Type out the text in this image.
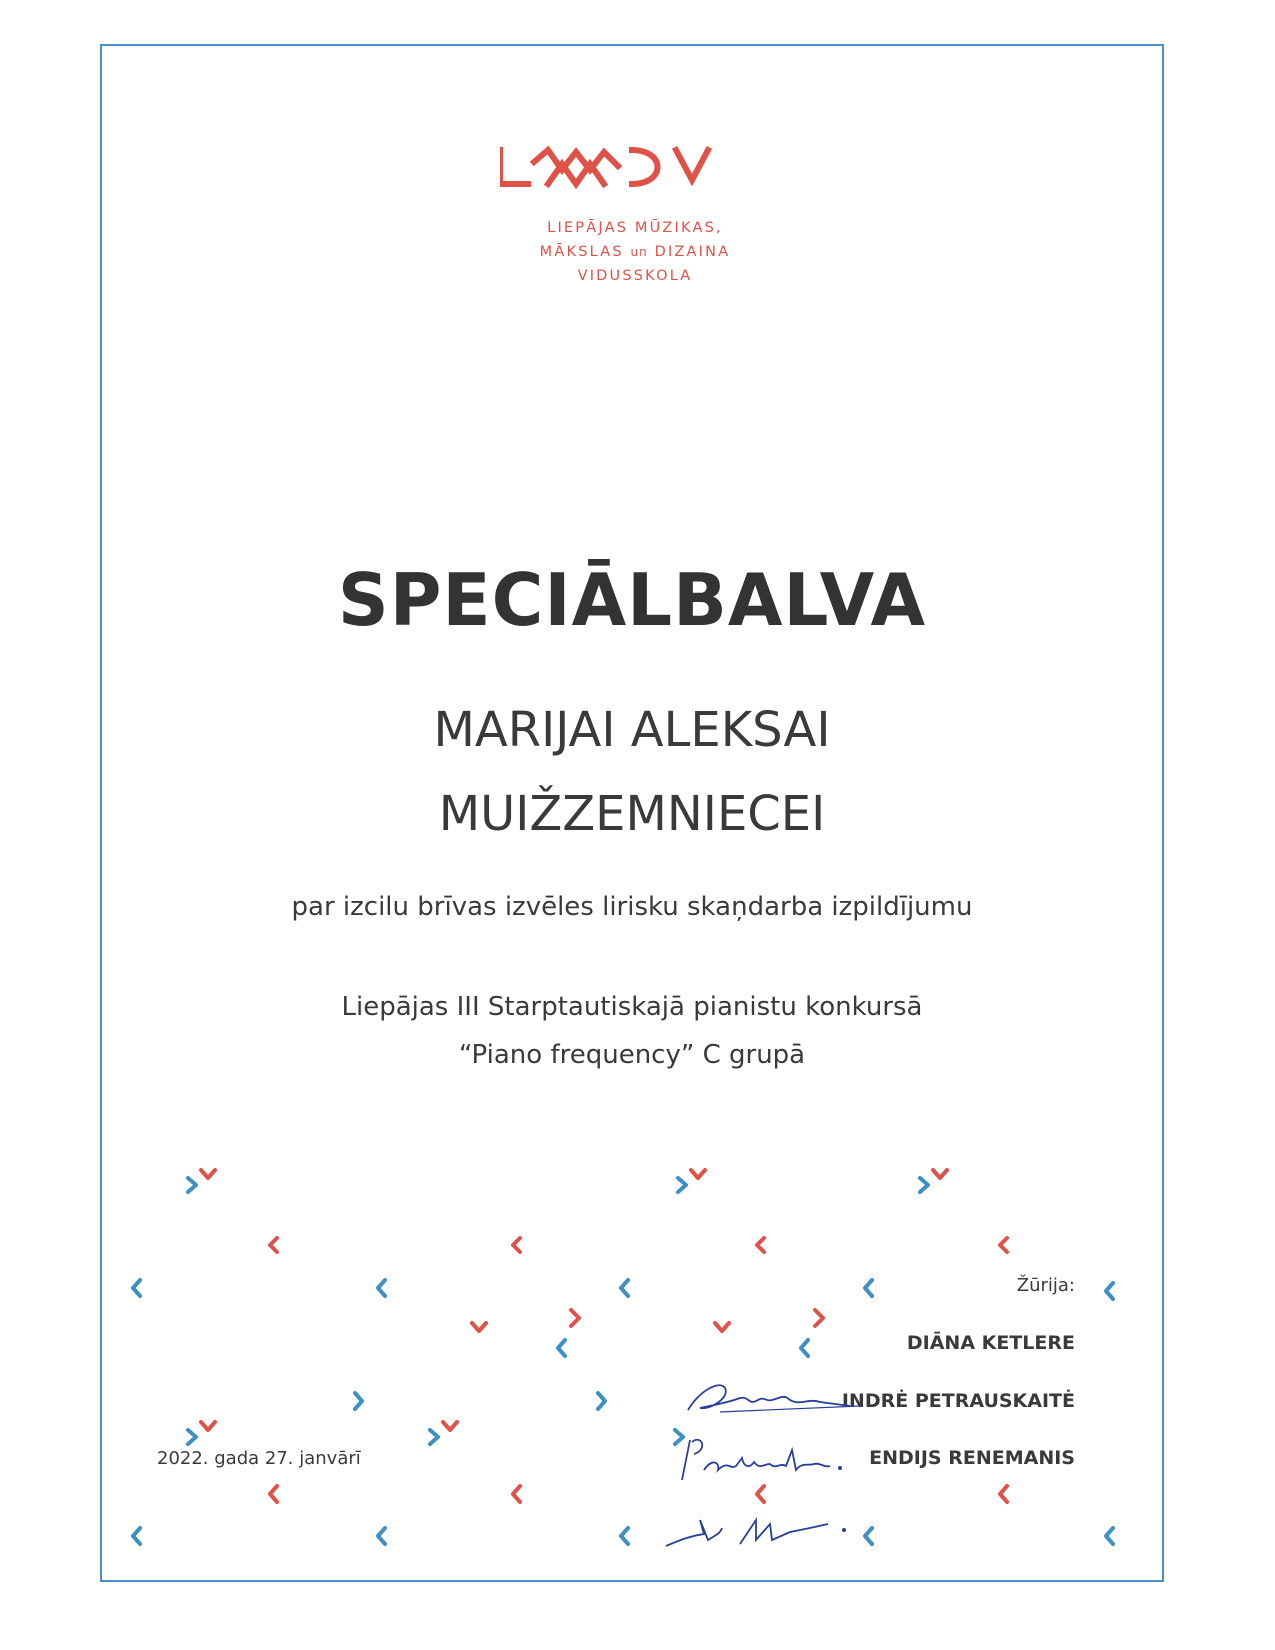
LIEPĀJAS MŪZIKAS,
MĀKSLAS un DIZAINA
VIDUSSKOLA
SPECIĀLBALVA
MARIJAI ALEKSAI
MUIŽZEMNIECEI
par izcilu brīvas izvēles lirisku skaņdarba izpildījumu
Liepājas III Starptautiskajā pianistu konkursā
“Piano frequency” C grupā
2022. gada 27. janvārī
Žūrija:
DIĀNA KETLERE
INDRĖ PETRAUSKAITĖ
ENDIJS RENEMANIS
